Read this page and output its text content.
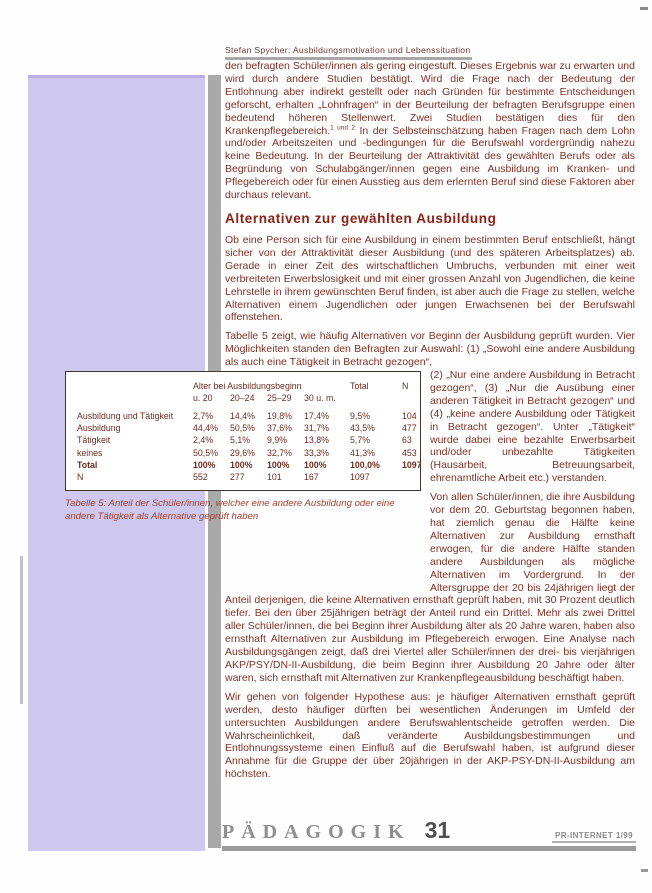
Stefan Spycher: Ausbildungsmotivation und Lebenssituation

den befragten Schüler/innen als gering eingestuft. Dieses Ergebnis war zu erwarten und wird durch andere Studien bestätigt. Wird die Frage nach der Bedeutung der Entlohnung aber indirekt gestellt oder nach Gründen für bestimmte Entscheidungen geforscht, erhalten „Lohnfragen“ in der Beurteilung der befragten Berufsgruppe einen bedeutend höheren Stellenwert. Zwei Studien bestätigen dies für den Krankenpflegebereich.$^{1 und 2}$ In der Selbsteinschätzung haben Fragen nach dem Lohn und/oder Arbeitszeiten und -bedingungen für die Berufswahl vordergründig nahezu keine Bedeutung. In der Beurteilung der Attraktivität des gewählten Berufs oder als Begründung von Schulabgänger/innen gegen eine Ausbildung im Kranken- und Pflegebereich oder für einen Ausstieg aus dem erlernten Beruf sind diese Faktoren aber durchaus relevant.

Alternativen zur gewählten Ausbildung

Ob eine Person sich für eine Ausbildung in einem bestimmten Beruf entschließt, hängt sicher von der Attraktivität dieser Ausbildung (und des späteren Arbeitsplatzes) ab. Gerade in einer Zeit des wirtschaftlichen Umbruchs, verbunden mit einer weit verbreiteten Erwerbslosigkeit und mit einer grossen Anzahl von Jugendlichen, die keine Lehrstelle in ihrem gewünschten Beruf finden, ist aber auch die Frage zu stellen, welche Alternativen einem Jugendlichen oder jungen Erwachsenen bei der Berufswahl offenstehen.

Tabelle 5 zeigt, wie häufig Alternativen vor Beginn der Ausbildung geprüft wurden. Vier Möglichkeiten standen den Befragten zur Auswahl: (1) „Sowohl eine andere Ausbildung als auch eine Tätigkeit in Betracht gezogen“,

	Alter bei Ausbildungsbeginn				Total	N
	u. 20	20–24	25–29	30 u. m.		
Ausbildung und Tätigkeit	2,7%	14,4%	19,8%	17,4%	9,5%	104
Ausbildung	44,4%	50,5%	37,6%	31,7%	43,5%	477
Tätigkeit	2,4%	5,1%	9,9%	13,8%	5,7%	63
keines	50,5%	29,6%	32,7%	33,3%	41,3%	453
Total	100%	100%	100%	100%	100,0%	1097
N	552	277	101	167	1097	
Tabelle 5: Anteil der Schüler/innen, welcher eine andere Ausbildung oder eine andere Tätigkeit als Alternative geprüft haben

(2) „Nur eine andere Ausbildung in Betracht gezogen“, (3) „Nur die Ausübung einer anderen Tätigkeit in Betracht gezogen“ und (4) „keine andere Ausbildung oder Tätigkeit in Betracht gezogen“. Unter „Tätigkeit“ wurde dabei eine bezahlte Erwerbsarbeit und/oder unbezahlte Tätigkeiten (Hausarbeit, Betreuungsarbeit, ehrenamtliche Arbeit etc.) verstanden.

Von allen Schüler/innen, die ihre Ausbildung vor dem 20. Geburtstag begonnen haben, hat ziemlich genau die Hälfte keine Alternativen zur Ausbildung ernsthaft erwogen, für die andere Hälfte standen andere Ausbildungen als mögliche Alternativen im Vordergrund. In der Altersgruppe der 20 bis 24jährigen liegt der Anteil derjenigen, die keine Alternativen ernsthaft geprüft haben, mit 30 Prozent deutlich tiefer. Bei den über 25jährigen beträgt der Anteil rund ein Drittel. Mehr als zwei Drittel aller Schüler/innen, die bei Beginn ihrer Ausbildung älter als 20 Jahre waren, haben also ernsthaft Alternativen zur Ausbildung im Pflegebereich erwogen. Eine Analyse nach Ausbildungsgängen zeigt, daß drei Viertel aller Schüler/innen der drei- bis vierjährigen AKP/PSY/DN-II-Ausbildung, die beim Beginn ihrer Ausbildung 20 Jahre oder älter waren, sich ernsthaft mit Alternativen zur Krankenpflegeausbildung beschäftigt haben.

Wir gehen von folgender Hypothese aus: je häufiger Alternativen ernsthaft geprüft werden, desto häufiger dürften bei wesentlichen Änderungen im Umfeld der untersuchten Ausbildungen andere Berufswahlentscheide getroffen werden. Die Wahrscheinlichkeit, daß veränderte Ausbildungsbestimmungen und Entlohnungssysteme einen Einfluß auf die Berufswahl haben, ist aufgrund dieser Annahme für die Gruppe der über 20jährigen in der AKP-PSY-DN-II-Ausbildung am höchsten.

PÄDAGOGIK 31	PR-INTERNET 1/99
